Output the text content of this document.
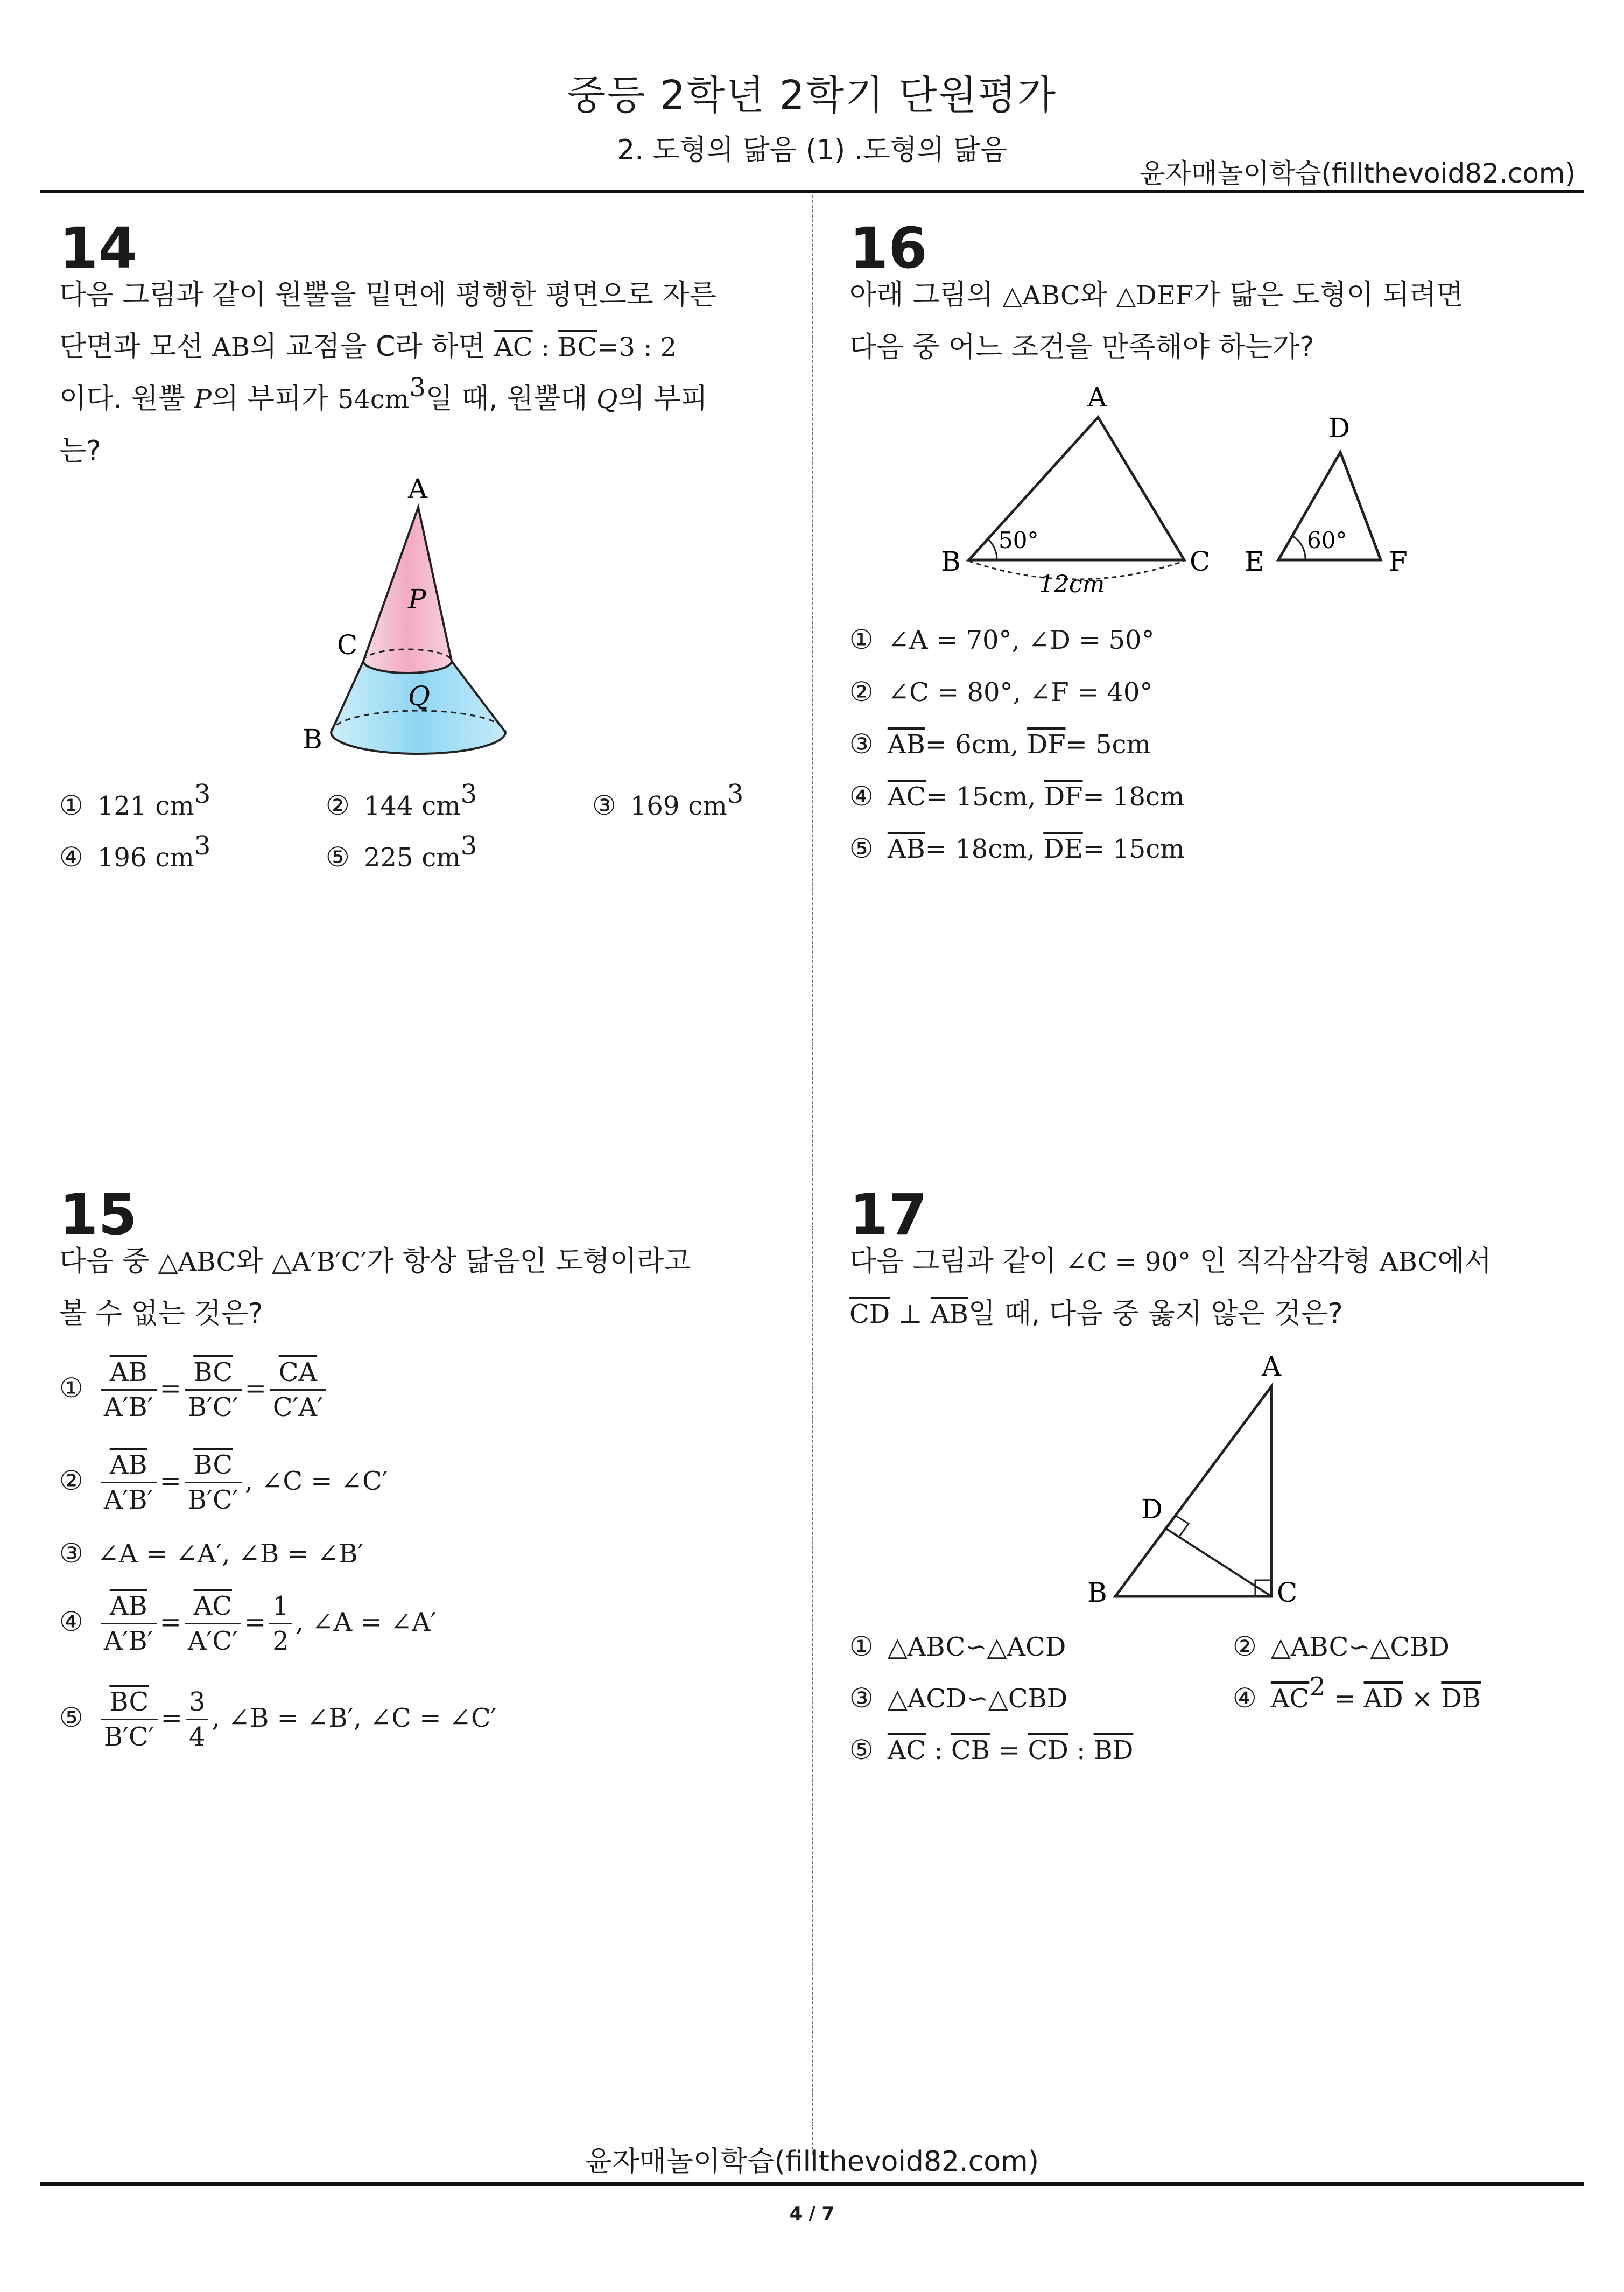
중등 2학년 2학기 단원평가
2. 도형의 닮음 (1) .도형의 닮음
윤자매놀이학습(fillthevoid82.com)
14
다음 그림과 같이 원뿔을 밑면에 평행한 평면으로 자른
단면과 모선 AB의 교점을 C라 하면 $\overline{AC}$ : $\overline{BC}=3$ : 2
이다. 원뿔 P의 부피가 $54cm^3$일 때, 원뿔대 Q의 부피
는?
A
P
C
Q
B
① 121 $cm^3$	② 144 $cm^3$	③ 169 $cm^3$
④ 196 $cm^3$	⑤ 225 $cm^3$
15
다음 중 △ABC와 △A′B′C′가 항상 닮음인 도형이라고
볼 수 없는 것은?
① $\frac{\overline{AB}}{A'B'} = \frac{\overline{BC}}{B'C'} = \frac{\overline{CA}}{C'A'}$
② $\frac{\overline{AB}}{A'B'} = \frac{\overline{BC}}{B'C'}$ , ∠C = ∠C′
③ ∠A = ∠A′, ∠B = ∠B′
④ $\frac{\overline{AB}}{A'B'} = \frac{\overline{AC}}{A'C'} = \frac{1}{2}$ , ∠A = ∠A′
⑤ $\frac{\overline{BC}}{B'C'} = \frac{3}{4}$ , ∠B = ∠B′, ∠C = ∠C′
16
아래 그림의 △ABC와 △DEF가 닮은 도형이 되려면
다음 중 어느 조건을 만족해야 하는가?
A
B	C
50°
12cm
D
E	F
60°
① ∠A = 70°, ∠D = 50°
② ∠C = 80°, ∠F = 40°
③ $\overline{AB}= 6cm$, $\overline{DF}= 5cm$
④ $\overline{AC}= 15cm$, $\overline{DF}= 18cm$
⑤ $\overline{AB}= 18cm$, $\overline{DE}= 15cm$
17
다음 그림과 같이 ∠C = 90° 인 직각삼각형 ABC에서
$\overline{CD}$ ⊥ $\overline{AB}$일 때, 다음 중 옳지 않은 것은?
A
D
B	C
① △ABC∽△ACD	② △ABC∽△CBD
③ △ACD∽△CBD	④ $\overline{AC}^2 = \overline{AD} \times \overline{DB}$
⑤ $\overline{AC}$ : $\overline{CB} = \overline{CD}$ : $\overline{BD}$
윤자매놀이학습(fillthevoid82.com)
4 / 7
